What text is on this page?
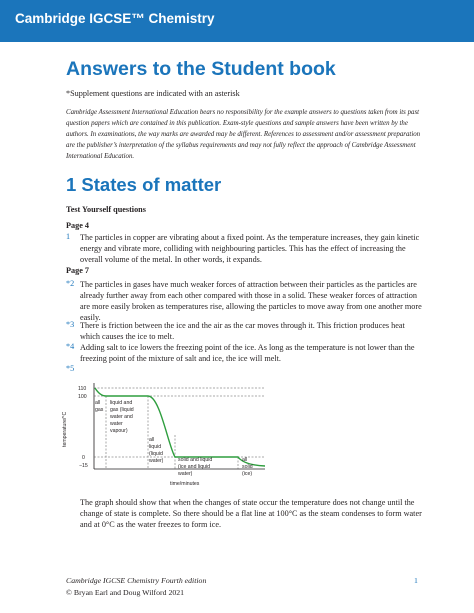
Cambridge IGCSE™ Chemistry
Answers to the Student book
*Supplement questions are indicated with an asterisk
Cambridge Assessment International Education bears no responsibility for the example answers to questions taken from its past question papers which are contained in this publication. Exam-style questions and sample answers have been written by the authors. In examinations, the way marks are awarded may be different. References to assessment and/or assessment preparation are the publisher’s interpretation of the syllabus requirements and may not fully reflect the approach of Cambridge Assessment International Education.
1 States of matter
Test Yourself questions
Page 4
1 The particles in copper are vibrating about a fixed point. As the temperature increases, they gain kinetic energy and vibrate more, colliding with neighbouring particles. This has the effect of increasing the overall volume of the metal. In other words, it expands.
Page 7
*2 The particles in gases have much weaker forces of attraction between their particles as the particles are already further away from each other compared with those in a solid. These weaker forces of attraction are more easily broken as temperatures rise, allowing the particles to move away from one another more easily.
*3 There is friction between the ice and the air as the car moves through it. This friction produces heat which causes the ice to melt.
*4 Adding salt to ice lowers the freezing point of the ice. As long as the temperature is not lower than the freezing point of the mixture of salt and ice, the ice will melt.
*5
temperature/°C
110
100
0
−15
all gas
liquid and gas (liquid water and water vapour)
all liquid (liquid water)	solid and liquid (ice and liquid water)
all solid (ice)
time/minutes
The graph should show that when the changes of state occur the temperature does not change until the change of state is complete. So there should be a flat line at 100°C as the steam condenses to form water and at 0°C as the water freezes to form ice.
Cambridge IGCSE Chemistry Fourth edition
© Bryan Earl and Doug Wilford 2021
1
